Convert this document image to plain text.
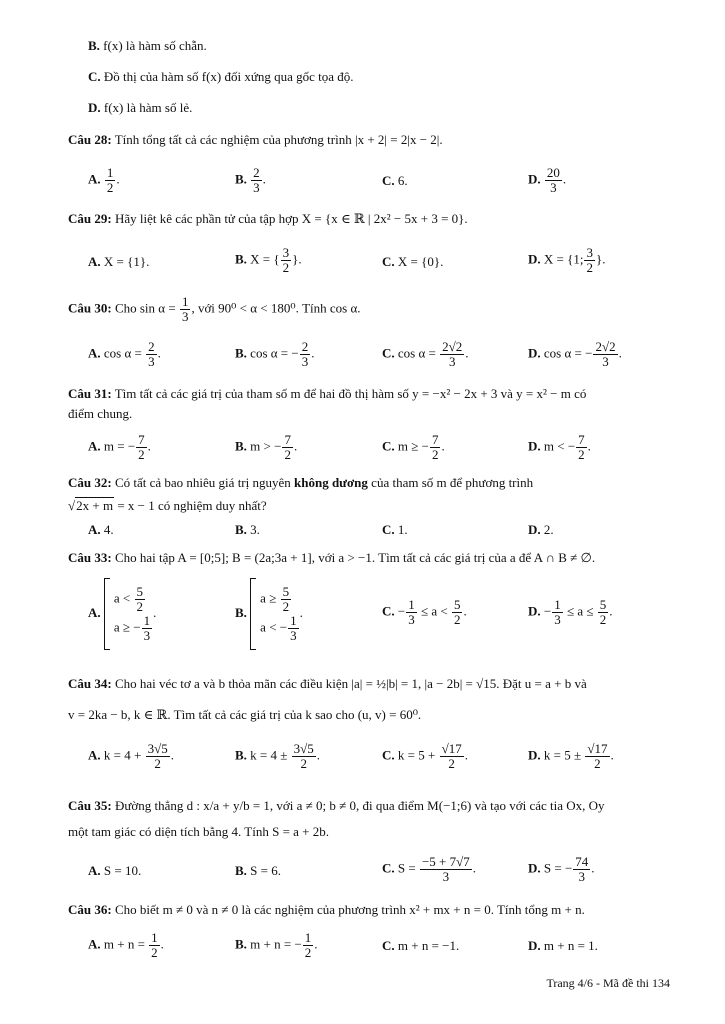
B. f(x) là hàm số chẵn.
C. Đồ thị của hàm số f(x) đối xứng qua gốc tọa độ.
D. f(x) là hàm số lẻ.
Câu 28: Tính tổng tất cả các nghiệm của phương trình |x + 2| = 2|x − 2|.
A. $\frac{1}{2}$ .	B. $\frac{2}{3}$ .	C. 6.	D. $\frac{20}{3}$ .
Câu 29: Hãy liệt kê các phần tử của tập hợp X = {x ∈ ℝ | 2x² − 5x + 3 = 0}.
A. X = {1}.	B. X = { $\frac{3}{2}$ }.	C. X = {0}.	D. X = {1; $\frac{3}{2}$ }.
Câu 30: Cho $\sin \alpha = \frac{1}{3}$ , với 90⁰ < α < 180⁰. Tính cos α.
A. $\cos \alpha = \frac{2}{3}$ .	B. cos α = − $\frac{2}{3}$ .	C. $\cos \alpha = \frac{2√2}{3}$ .	D. cos α = − $\frac{2√2}{3}$ .
Câu 31: Tìm tất cả các giá trị của tham số m để hai đồ thị hàm số y = −x² − 2x + 3 và y = x² − m có
điểm chung.
A. m = − $\frac{7}{2}$ .	B. m > − $\frac{7}{2}$ .	C. m ≥ − $\frac{7}{2}$ .	D. m < − $\frac{7}{2}$ .
Câu 32: Có tất cả bao nhiêu giá trị nguyên không dương của tham số m để phương trình
√2x + m = x − 1 có nghiệm duy nhất?
A. 4.	B. 3.	C. 1.	D. 2.
Câu 33: Cho hai tập A = [0;5]; B = (2a;3a + 1], với a > −1. Tìm tất cả các giá trị của a để A ∩ B ≠ ∅.
A. $a < \frac{5}{2}$

a ≥ − $\frac{1}{3}$
.	B. $a \ge \frac{5}{2}$

a < − $\frac{1}{3}$
.	C. − $\frac{1}{3} \le a < \frac{5}{2}$ .	D. − $\frac{1}{3} \le a \le \frac{5}{2}$ .
Câu 34: Cho hai véc tơ a và b thỏa mãn các điều kiện |a| = ½|b| = 1, |a − 2b| = √15. Đặt u = a + b và
v = 2ka − b, k ∈ ℝ. Tìm tất cả các giá trị của k sao cho (u, v) = 60⁰.
A. $k = 4 + \frac{3√5}{2}$ .	B. $k = 4 \pm \frac{3√5}{2}$ .	C. $k = 5 + \frac{√17}{2}$ .	D. $k = 5 \pm \frac{√17}{2}$ .
Câu 35: Đường thẳng d : x/a + y/b = 1, với a ≠ 0; b ≠ 0, đi qua điểm M(−1;6) và tạo với các tia Ox, Oy
một tam giác có diện tích bằng 4. Tính S = a + 2b.
A. S = 10.	B. S = 6.	C. $S = \frac{-5 + 7√7}{3}$ .	D. S = − $\frac{74}{3}$ .
Câu 36: Cho biết m ≠ 0 và n ≠ 0 là các nghiệm của phương trình x² + mx + n = 0. Tính tổng m + n.
A. $m + n = \frac{1}{2}$ .	B. m + n = − $\frac{1}{2}$ .	C. m + n = −1.	D. m + n = 1.
Trang 4/6 - Mã đề thi 134
